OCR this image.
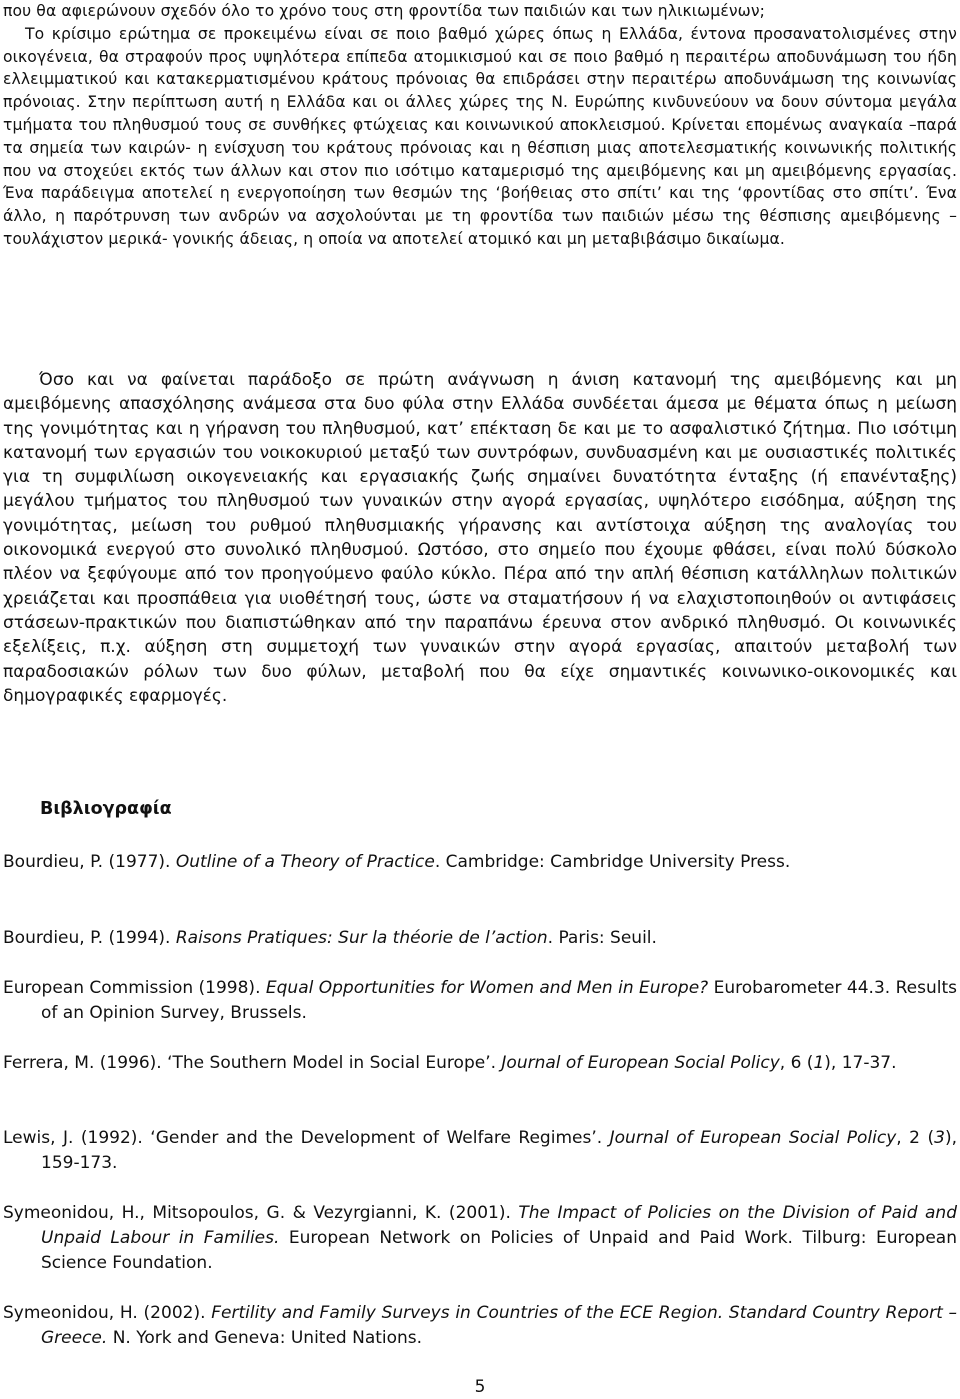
που θα αφιερώνουν σχεδόν όλο το χρόνο τους στη φροντίδα των παιδιών και των ηλικιωμένων;
Το κρίσιμο ερώτημα σε προκειμένω είναι σε ποιο βαθμό χώρες όπως η Ελλάδα, έντονα προσανατολισμένες στην οικογένεια, θα στραφούν προς υψηλότερα επίπεδα ατομικισμού και σε ποιο βαθμό η περαιτέρω αποδυνάμωση του ήδη ελλειμματικού και κατακερματισμένου κράτους πρόνοιας θα επιδράσει στην περαιτέρω αποδυνάμωση της κοινωνίας πρόνοιας. Στην περίπτωση αυτή η Ελλάδα και οι άλλες χώρες της Ν. Ευρώπης κινδυνεύουν να δουν σύντομα μεγάλα τμήματα του πληθυσμού τους σε συνθήκες φτώχειας και κοινωνικού αποκλεισμού. Κρίνεται επομένως αναγκαία –παρά τα σημεία των καιρών- η ενίσχυση του κράτους πρόνοιας και η θέσπιση μιας αποτελεσματικής κοινωνικής πολιτικής που να στοχεύει εκτός των άλλων και στον πιο ισότιμο καταμερισμό της αμειβόμενης και μη αμειβόμενης εργασίας. Ένα παράδειγμα αποτελεί η ενεργοποίηση των θεσμών της ‘βοήθειας στο σπίτι’ και της ‘φροντίδας στο σπίτι’. Ένα άλλο, η παρότρυνση των ανδρών να ασχολούνται με τη φροντίδα των παιδιών μέσω της θέσπισης αμειβόμενης –τουλάχιστον μερικά- γονικής άδειας, η οποία να αποτελεί ατομικό και μη μεταβιβάσιμο δικαίωμα.

Όσο και να φαίνεται παράδοξο σε πρώτη ανάγνωση η άνιση κατανομή της αμειβόμενης και μη αμειβόμενης απασχόλησης ανάμεσα στα δυο φύλα στην Ελλάδα συνδέεται άμεσα με θέματα όπως η μείωση της γονιμότητας και η γήρανση του πληθυσμού, κατ’ επέκταση δε και με το ασφαλιστικό ζήτημα. Πιο ισότιμη κατανομή των εργασιών του νοικοκυριού μεταξύ των συντρόφων, συνδυασμένη και με ουσιαστικές πολιτικές για τη συμφιλίωση οικογενειακής και εργασιακής ζωής σημαίνει δυνατότητα ένταξης (ή επανένταξης) μεγάλου τμήματος του πληθυσμού των γυναικών στην αγορά εργασίας, υψηλότερο εισόδημα, αύξηση της γονιμότητας, μείωση του ρυθμού πληθυσμιακής γήρανσης και αντίστοιχα αύξηση της αναλογίας του οικονομικά ενεργού στο συνολικό πληθυσμού. Ωστόσο, στο σημείο που έχουμε φθάσει, είναι πολύ δύσκολο πλέον να ξεφύγουμε από τον προηγούμενο φαύλο κύκλο. Πέρα από την απλή θέσπιση κατάλληλων πολιτικών χρειάζεται και προσπάθεια για υιοθέτησή τους, ώστε να σταματήσουν ή να ελαχιστοποιηθούν οι αντιφάσεις στάσεων-πρακτικών που διαπιστώθηκαν από την παραπάνω έρευνα στον ανδρικό πληθυσμό. Οι κοινωνικές εξελίξεις, π.χ. αύξηση στη συμμετοχή των γυναικών στην αγορά εργασίας, απαιτούν μεταβολή των παραδοσιακών ρόλων των δυο φύλων, μεταβολή που θα είχε σημαντικές κοινωνικο-οικονομικές και δημογραφικές εφαρμογές.

Βιβλιογραφία

Bourdieu, P. (1977). Outline of a Theory of Practice. Cambridge: Cambridge University Press.

Bourdieu, P. (1994). Raisons Pratiques: Sur la théorie de l’action. Paris: Seuil.

European Commission (1998). Equal Opportunities for Women and Men in Europe? Eurobarometer 44.3. Results of an Opinion Survey, Brussels.

Ferrera, M. (1996). ‘The Southern Model in Social Europe’. Journal of European Social Policy, 6 (1), 17-37.

Lewis, J. (1992). ‘Gender and the Development of Welfare Regimes’. Journal of European Social Policy, 2 (3), 159-173.

Symeonidou, H., Mitsopoulos, G. & Vezyrgianni, K. (2001). The Impact of Policies on the Division of Paid and Unpaid Labour in Families. European Network on Policies of Unpaid and Paid Work. Tilburg: European Science Foundation.

Symeonidou, H. (2002). Fertility and Family Surveys in Countries of the ECE Region. Standard Country Report – Greece. N. York and Geneva: United Nations.

5
